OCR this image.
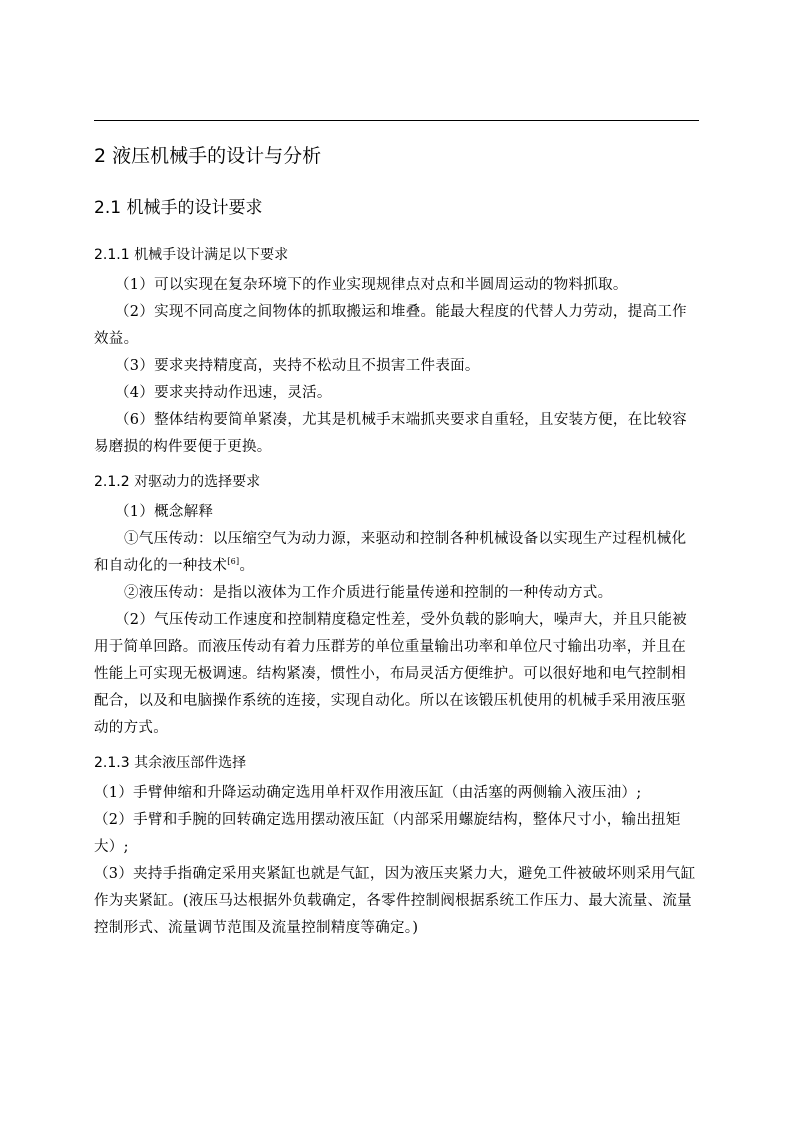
2 液压机械手的设计与分析
2.1 机械手的设计要求
2.1.1 机械手设计满足以下要求

（1）可以实现在复杂环境下的作业实现规律点对点和半圆周运动的物料抓取。

（2）实现不同高度之间物体的抓取搬运和堆叠。能最大程度的代替人力劳动，提高工作效益。

（3）要求夹持精度高，夹持不松动且不损害工件表面。

（4）要求夹持动作迅速，灵活。

（6）整体结构要简单紧凑，尤其是机械手末端抓夹要求自重轻，且安装方便，在比较容易磨损的构件要便于更换。

2.1.2 对驱动力的选择要求

（1）概念解释

①气压传动：以压缩空气为动力源，来驱动和控制各种机械设备以实现生产过程机械化和自动化的一种技术[6]。

②液压传动：是指以液体为工作介质进行能量传递和控制的一种传动方式。

（2）气压传动工作速度和控制精度稳定性差，受外负载的影响大，噪声大，并且只能被用于简单回路。而液压传动有着力压群芳的单位重量输出功率和单位尺寸输出功率，并且在性能上可实现无极调速。结构紧凑，惯性小，布局灵活方便维护。可以很好地和电气控制相配合，以及和电脑操作系统的连接，实现自动化。所以在该锻压机使用的机械手采用液压驱动的方式。

2.1.3 其余液压部件选择

（1）手臂伸缩和升降运动确定选用单杆双作用液压缸（由活塞的两侧输入液压油）;

（2）手臂和手腕的回转确定选用摆动液压缸（内部采用螺旋结构，整体尺寸小，输出扭矩大）;

（3）夹持手指确定采用夹紧缸也就是气缸，因为液压夹紧力大，避免工件被破坏则采用气缸作为夹紧缸。(液压马达根据外负载确定，各零件控制阀根据系统工作压力、最大流量、流量控制形式、流量调节范围及流量控制精度等确定。)
